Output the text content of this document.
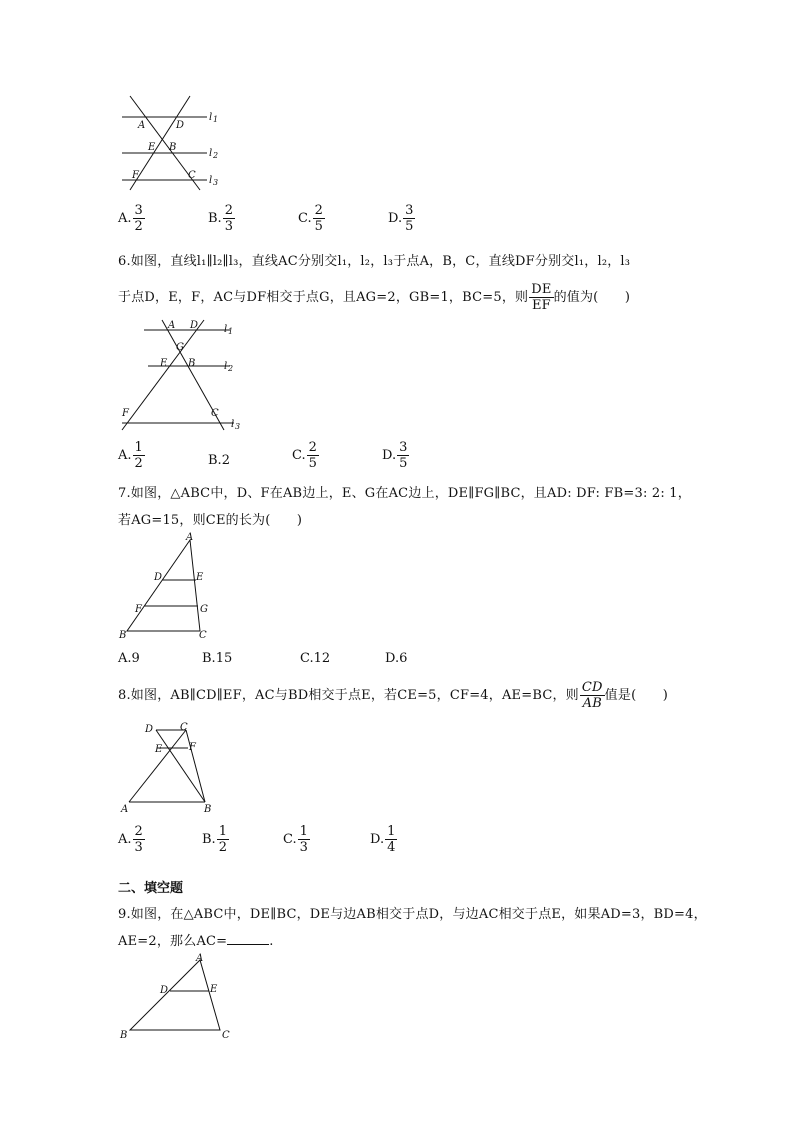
A	D
E B
F	C
l 1
l 2
l 3
A. $\frac{3}{2}$	B. $\frac{2}{3}$	C. $\frac{2}{5}$	D. $\frac{3}{5}$
6.如图，直线l₁∥l₂∥l₃，直线AC分别交l₁，l₂，l₃于点A，B，C，直线DF分别交l₁，l₂，l₃
于点D，E，F，AC与DF相交于点G，且AG=2，GB=1，BC=5，则 $\frac{DE}{EF}$ 的值为(　　)
A D
G
E B
F	C
l 1
l 2
l 3
A. $\frac{1}{2}$	B.2	C. $\frac{2}{5}$	D. $\frac{3}{5}$
7.如图，△ABC中，D、F在AB边上，E、G在AC边上，DE∥FG∥BC，且AD: DF: FB=3: 2: 1，
若AG=15，则CE的长为(　　)
A
D	E
F	G
B	C
A.9	B.15	C.12	D.6
8.如图，AB∥CD∥EF，AC与BD相交于点E，若CE=5，CF=4，AE=BC，则 $\frac{CD}{AB}$ 值是(　　)
D	C
E	F
A	B
A. $\frac{2}{3}$	B. $\frac{1}{2}$	C. $\frac{1}{3}$	D. $\frac{1}{4}$
二、填空题
9.如图，在△ABC中，DE∥BC，DE与边AB相交于点D，与边AC相交于点E，如果AD=3，BD=4，
AE=2，那么AC=	.
A
D	E
B	C
